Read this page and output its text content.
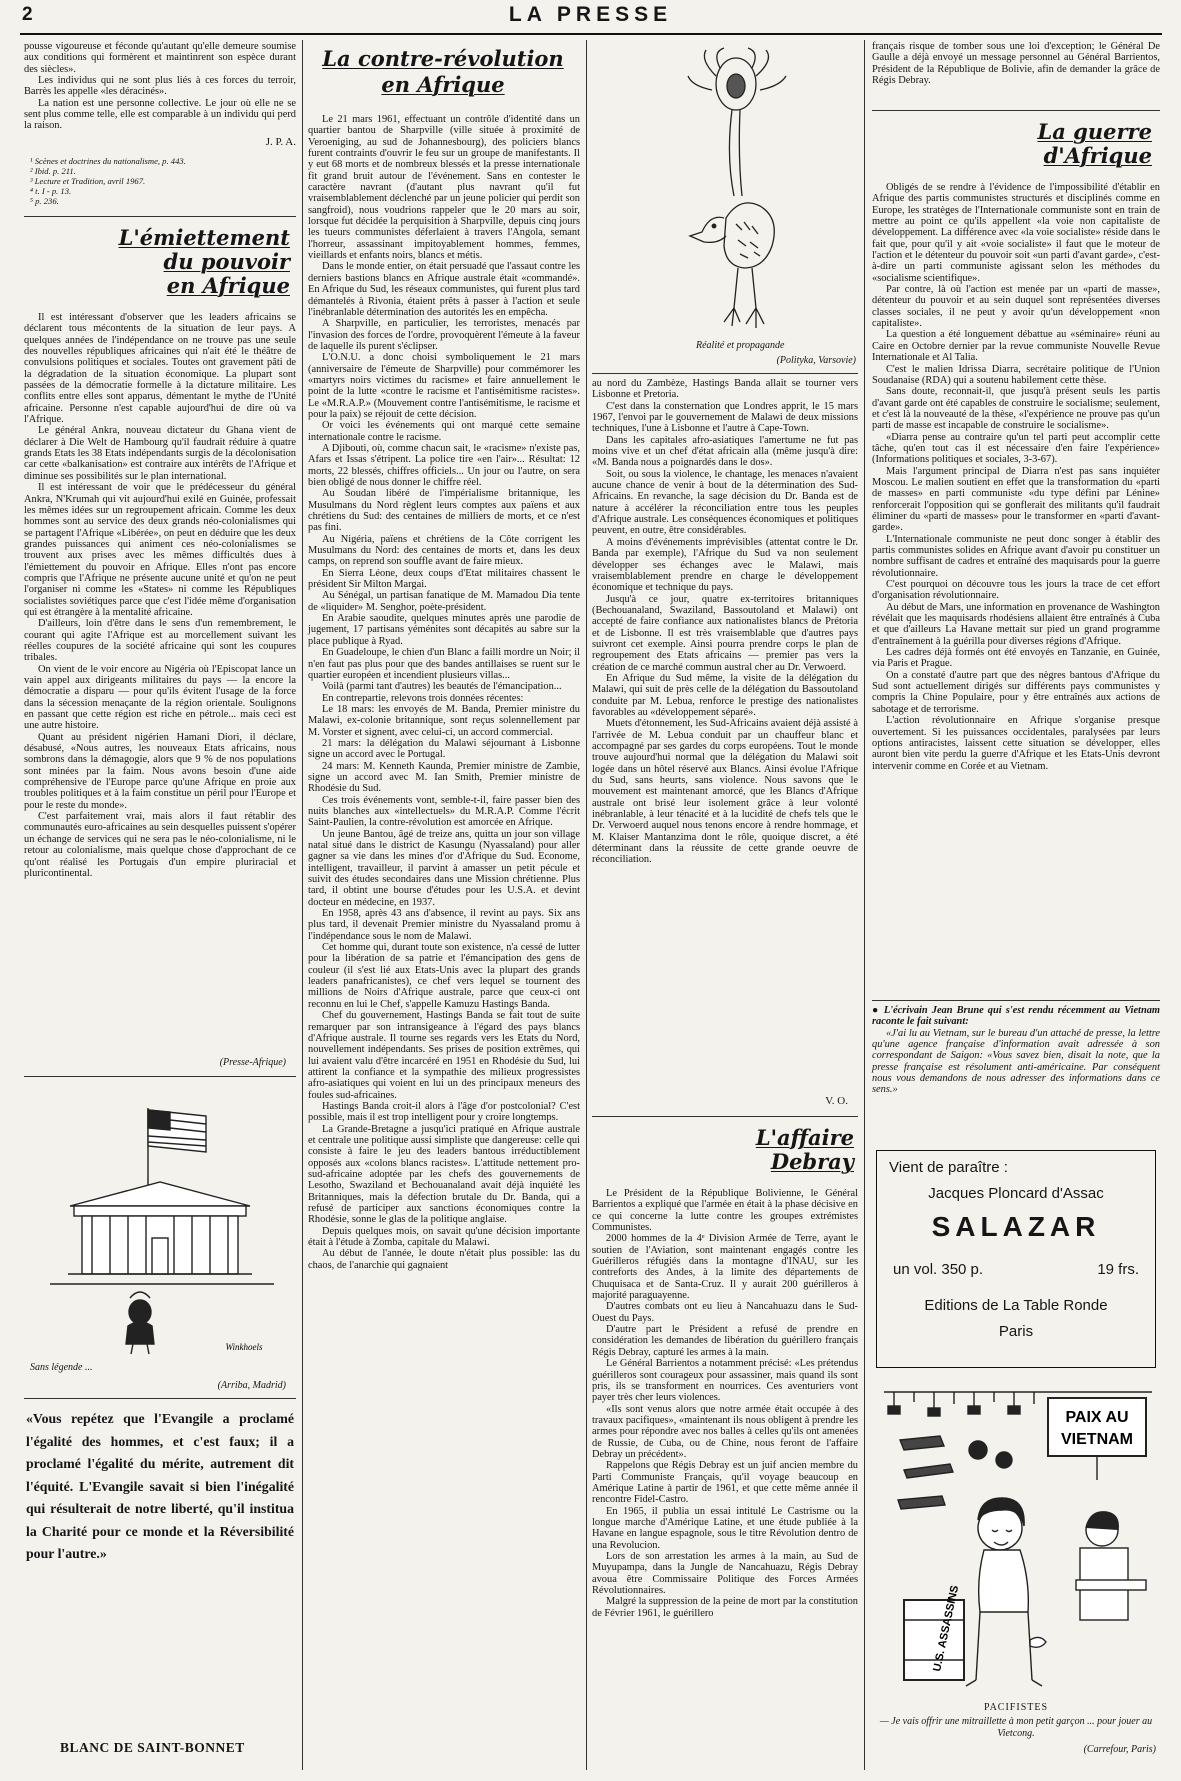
2	LA PRESSE

pousse vigoureuse et féconde qu'autant qu'elle demeure soumise aux conditions qui formèrent et maintinrent son espèce durant des siècles».

Les individus qui ne sont plus liés à ces forces du terroir, Barrès les appelle «les déracinés».

La nation est une personne collective. Le jour où elle ne se sent plus comme telle, elle est comparable à un individu qui perd la raison.

J. P. A.
¹ Scènes et doctrines du nationalisme, p. 443.
² Ibid. p. 211.
³ Lecture et Tradition, avril 1967.
⁴ t. I - p. 13.
⁵ p. 236.
L'émiettement
du pouvoir
en Afrique

Il est intéressant d'observer que les leaders africains se déclarent tous mécontents de la situation de leur pays. A quelques années de l'indépendance on ne trouve pas une seule des nouvelles républiques africaines qui n'ait été le théâtre de convulsions politiques et sociales. Toutes ont gravement pâti de la dégradation de la situation économique. La plupart sont passées de la démocratie formelle à la dictature militaire. Les conflits entre elles sont apparus, démentant le mythe de l'Unité africaine. Personne n'est capable aujourd'hui de dire où va l'Afrique.

Le général Ankra, nouveau dictateur du Ghana vient de déclarer à Die Welt de Hambourg qu'il faudrait réduire à quatre grands Etats les 38 Etats indépendants surgis de la décolonisation car cette «balkanisation» est contraire aux intérêts de l'Afrique et diminue ses possibilités sur le plan international.

Il est intéressant de voir que le prédécesseur du général Ankra, N'Krumah qui vit aujourd'hui exilé en Guinée, professait les mêmes idées sur un regroupement africain. Comme les deux hommes sont au service des deux grands néo-colonialismes qui se partagent l'Afrique «Libérée», on peut en déduire que les deux grandes puissances qui animent ces néo-colonialismes se trouvent aux prises avec les mêmes difficultés dues à l'émiettement du pouvoir en Afrique. Elles n'ont pas encore compris que l'Afrique ne présente aucune unité et qu'on ne peut l'organiser ni comme les «States» ni comme les Républiques socialistes soviétiques parce que c'est l'idée même d'organisation qui est étrangère à la mentalité africaine.

D'ailleurs, loin d'être dans le sens d'un remembrement, le courant qui agite l'Afrique est au morcellement suivant les réelles coupures de la société africaine qui sont les coupures tribales.

On vient de le voir encore au Nigéria où l'Episcopat lance un vain appel aux dirigeants militaires du pays — la encore la démocratie a disparu — pour qu'ils évitent l'usage de la force dans la sécession menaçante de la région orientale. Soulignons en passant que cette région est riche en pétrole... mais ceci est une autre histoire.

Quant au président nigérien Hamani Diori, il déclare, désabusé, «Nous autres, les nouveaux Etats africains, nous sombrons dans la démagogie, alors que 9 % de nos populations sont minées par la faim. Nous avons besoin d'une aide compréhensive de l'Europe parce qu'une Afrique en proie aux troubles politiques et à la faim constitue un péril pour l'Europe et pour le reste du monde».

C'est parfaitement vrai, mais alors il faut rétablir des communautés euro-africaines au sein desquelles puissent s'opérer un échange de services qui ne sera pas le néo-colonialisme, ni le retour au colonialisme, mais quelque chose d'approchant de ce qu'ont réalisé les Portugais d'un empire pluriracial et pluricontinental.

(Presse-Afrique)
Winkhoels
Sans légende ...
(Arriba, Madrid)
«Vous repétez que l'Evangile a proclamé l'égalité des hommes, et c'est faux; il a proclamé l'égalité du mérite, autrement dit l'équité. L'Evangile savait si bien l'inégalité qui résulterait de notre liberté, qu'il institua la Charité pour ce monde et la Réversibilité pour l'autre.»
BLANC DE SAINT-BONNET
La contre-révolution
en Afrique

Le 21 mars 1961, effectuant un contrôle d'identité dans un quartier bantou de Sharpville (ville située à proximité de Veroeniging, au sud de Johannesbourg), des policiers blancs furent contraints d'ouvrir le feu sur un groupe de manifestants. Il y eut 68 morts et de nombreux blessés et la presse internationale fit grand bruit autour de l'événement. Sans en contester le caractère navrant (d'autant plus navrant qu'il fut vraisemblablement déclenché par un jeune policier qui perdit son sangfroid), nous voudrions rappeler que le 20 mars au soir, lorsque fut décidée la perquisition à Sharpville, depuis cinq jours les tueurs communistes déferlaient à travers l'Angola, semant l'horreur, assassinant impitoyablement hommes, femmes, vieillards et enfants noirs, blancs et métis.

Dans le monde entier, on était persuadé que l'assaut contre les derniers bastions blancs en Afrique australe était «commandé». En Afrique du Sud, les réseaux communistes, qui furent plus tard démantelés à Rivonia, étaient prêts à passer à l'action et seule l'inébranlable détermination des autorités les en empêcha.

A Sharpville, en particulier, les terroristes, menacés par l'invasion des forces de l'ordre, provoquèrent l'émeute à la faveur de laquelle ils purent s'éclipser.

L'O.N.U. a donc choisi symboliquement le 21 mars (anniversaire de l'émeute de Sharpville) pour commémorer les «martyrs noirs victimes du racisme» et faire annuellement le point de la lutte «contre le racisme et l'antisémitisme racistes». Le «M.R.A.P.» (Mouvement contre l'antisémitisme, le racisme et pour la paix) se réjouit de cette décision.

Or voici les événements qui ont marqué cette semaine internationale contre le racisme.

A Djibouti, où, comme chacun sait, le «racisme» n'existe pas, Afars et Issas s'étripent. La police tire «en l'air»... Résultat: 12 morts, 22 blessés, chiffres officiels... Un jour ou l'autre, on sera bien obligé de nous donner le chiffre réel.

Au Soudan libéré de l'impérialisme britannique, les Musulmans du Nord règlent leurs comptes aux païens et aux chrétiens du Sud: des centaines de milliers de morts, et ce n'est pas fini.

Au Nigéria, païens et chrétiens de la Côte corrigent les Musulmans du Nord: des centaines de morts et, dans les deux camps, on reprend son souffle avant de faire mieux.

En Sierra Léone, deux coups d'Etat militaires chassent le président Sir Milton Margai.

Au Sénégal, un partisan fanatique de M. Mamadou Dia tente de «liquider» M. Senghor, poète-président.

En Arabie saoudite, quelques minutes après une parodie de jugement, 17 partisans yéménites sont décapités au sabre sur la place publique à Ryad.

En Guadeloupe, le chien d'un Blanc a failli mordre un Noir; il n'en faut pas plus pour que des bandes antillaises se ruent sur le quartier européen et incendient plusieurs villas...

Voilà (parmi tant d'autres) les beautés de l'émancipation...

En contrepartie, relevons trois données récentes:

Le 18 mars: les envoyés de M. Banda, Premier ministre du Malawi, ex-colonie britannique, sont reçus solennellement par M. Vorster et signent, avec celui-ci, un accord commercial.

21 mars: la délégation du Malawi séjournant à Lisbonne signe un accord avec le Portugal.

24 mars: M. Kenneth Kaunda, Premier ministre de Zambie, signe un accord avec M. Ian Smith, Premier ministre de Rhodésie du Sud.

Ces trois événements vont, semble-t-il, faire passer bien des nuits blanches aux «intellectuels» du M.R.A.P. Comme l'écrit Saint-Paulien, la contre-révolution est amorcée en Afrique.

Un jeune Bantou, âgé de treize ans, quitta un jour son village natal situé dans le district de Kasungu (Nyassaland) pour aller gagner sa vie dans les mines d'or d'Afrique du Sud. Econome, intelligent, travailleur, il parvint à amasser un petit pécule et suivit des études secondaires dans une Mission chrétienne. Plus tard, il obtint une bourse d'études pour les U.S.A. et devint docteur en médecine, en 1937.

En 1958, après 43 ans d'absence, il revint au pays. Six ans plus tard, il devenait Premier ministre du Nyassaland promu à l'indépendance sous le nom de Malawi.

Cet homme qui, durant toute son existence, n'a cessé de lutter pour la libération de sa patrie et l'émancipation des gens de couleur (il s'est lié aux Etats-Unis avec la plupart des grands leaders panafricanistes), ce chef vers lequel se tournent des millions de Noirs d'Afrique australe, parce que ceux-ci ont reconnu en lui le Chef, s'appelle Kamuzu Hastings Banda.

Chef du gouvernement, Hastings Banda se fait tout de suite remarquer par son intransigeance à l'égard des pays blancs d'Afrique australe. Il tourne ses regards vers les Etats du Nord, nouvellement indépendants. Ses prises de position extrêmes, qui lui avaient valu d'être incarcéré en 1951 en Rhodésie du Sud, lui attirent la confiance et la sympathie des milieux progressistes afro-asiatiques qui voient en lui un des principaux meneurs des foules sud-africaines.

Hastings Banda croit-il alors à l'âge d'or postcolonial? C'est possible, mais il est trop intelligent pour y croire longtemps.

La Grande-Bretagne a jusqu'ici pratiqué en Afrique australe et centrale une politique aussi simpliste que dangereuse: celle qui consiste à faire le jeu des leaders bantous irréductiblement opposés aux «colons blancs racistes». L'attitude nettement pro-sud-africaine adoptée par les chefs des gouvernements de Lesotho, Swaziland et Bechouanaland avait déjà inquiété les Britanniques, mais la défection brutale du Dr. Banda, qui a refusé de participer aux sanctions économiques contre la Rhodésie, sonne le glas de la politique anglaise.

Depuis quelques mois, on savait qu'une décision importante était à l'étude à Zomba, capitale du Malawi.

Au début de l'année, le doute n'était plus possible: las du chaos, de l'anarchie qui gagnaient

Réalité et propagande
(Polityka, Varsovie)

au nord du Zambèze, Hastings Banda allait se tourner vers Lisbonne et Pretoria.

C'est dans la consternation que Londres apprit, le 15 mars 1967, l'envoi par le gouvernement de Malawi de deux missions techniques, l'une à Lisbonne et l'autre à Cape-Town.

Dans les capitales afro-asiatiques l'amertume ne fut pas moins vive et un chef d'état africain alla (même jusqu'à dire: «M. Banda nous a poignardés dans le dos».

Soit, ou sous la violence, le chantage, les menaces n'avaient aucune chance de venir à bout de la détermination des Sud-Africains. En revanche, la sage décision du Dr. Banda est de nature à accélérer la réconciliation entre tous les peuples d'Afrique australe. Les conséquences économiques et politiques peuvent, en outre, être considérables.

A moins d'événements imprévisibles (attentat contre le Dr. Banda par exemple), l'Afrique du Sud va non seulement développer ses échanges avec le Malawi, mais vraisemblablement prendre en charge le développement économique et technique du pays.

Jusqu'à ce jour, quatre ex-territoires britanniques (Bechouanaland, Swaziland, Bassoutoland et Malawi) ont accepté de faire confiance aux nationalistes blancs de Prétoria et de Lisbonne. Il est très vraisemblable que d'autres pays suivront cet exemple. Ainsi pourra prendre corps le plan de regroupement des Etats africains — premier pas vers la création de ce marché commun austral cher au Dr. Verwoerd.

En Afrique du Sud même, la visite de la délégation du Malawi, qui suit de près celle de la délégation du Bassoutoland conduite par M. Lebua, renforce le prestige des nationalistes favorables au «développement séparé».

Muets d'étonnement, les Sud-Africains avaient déjà assisté à l'arrivée de M. Lebua conduit par un chauffeur blanc et accompagné par ses gardes du corps européens. Tout le monde trouve aujourd'hui normal que la délégation du Malawi soit logée dans un hôtel réservé aux Blancs. Ainsi évolue l'Afrique du Sud, sans heurts, sans violence. Nous savons que le mouvement est maintenant amorcé, que les Blancs d'Afrique australe ont brisé leur isolement grâce à leur volonté inébranlable, à leur ténacité et à la lucidité de chefs tels que le Dr. Verwoerd auquel nous tenons encore à rendre hommage, et M. Klaiser Mantanzima dont le rôle, quoique discret, a été déterminant dans la réussite de cette grande oeuvre de réconciliation.

V. O.
L'affaire
Debray

Le Président de la République Bolivienne, le Général Barrientos a expliqué que l'armée en était à la phase décisive en ce qui concerne la lutte contre les groupes extrémistes Communistes.

2000 hommes de la 4ᵉ Division Armée de Terre, ayant le soutien de l'Aviation, sont maintenant engagés contre les Guérilleros réfugiés dans la montagne d'INAU, sur les contreforts des Andes, à la limite des départements de Chuquisaca et de Santa-Cruz. Il y aurait 200 guérilleros à majorité paraguayenne.

D'autres combats ont eu lieu à Nancahuazu dans le Sud-Ouest du Pays.

D'autre part le Président a refusé de prendre en considération les demandes de libération du guérillero français Régis Debray, capturé les armes à la main.

Le Général Barrientos a notamment précisé: «Les prétendus guérilleros sont courageux pour assassiner, mais quand ils sont pris, ils se transforment en nourrices. Ces aventuriers vont payer très cher leurs violences.

«Ils sont venus alors que notre armée était occupée à des travaux pacifiques», «maintenant ils nous obligent à prendre les armes pour répondre avec nos balles à celles qu'ils ont amenées de Russie, de Cuba, ou de Chine, nous feront de l'affaire Debray un précédent».

Rappelons que Régis Debray est un juif ancien membre du Parti Communiste Français, qu'il voyage beaucoup en Amérique Latine à partir de 1961, et que cette même année il rencontre Fidel-Castro.

En 1965, il publia un essai intitulé Le Castrisme ou la longue marche d'Amérique Latine, et une étude publiée à la Havane en langue espagnole, sous le titre Révolution dentro de una Revolucion.

Lors de son arrestation les armes à la main, au Sud de Muyupampa, dans la Jungle de Nancahuazu, Régis Debray avoua être Commissaire Politique des Forces Armées Révolutionnaires.

Malgré la suppression de la peine de mort par la constitution de Février 1961, le guérillero

français risque de tomber sous une loi d'exception; le Général De Gaulle a déjà envoyé un message personnel au Général Barrientos, Président de la République de Bolivie, afin de demander la grâce de Régis Debray.

La guerre
d'Afrique

Obligés de se rendre à l'évidence de l'impossibilité d'établir en Afrique des partis communistes structurés et disciplinés comme en Europe, les stratèges de l'Internationale communiste sont en train de mettre au point ce qu'ils appellent «la voie non capitaliste de développement. La différence avec «la voie socialiste» réside dans le fait que, pour qu'il y ait «voie socialiste» il faut que le moteur de l'action et le détenteur du pouvoir soit «un parti d'avant garde», c'est-à-dire un parti communiste agissant selon les méthodes du «socialisme scientifique».

Par contre, là où l'action est menée par un «parti de masse», détenteur du pouvoir et au sein duquel sont représentées diverses classes sociales, il ne peut y avoir qu'un développement «non capitaliste».

La question a été longuement débattue au «séminaire» réuni au Caire en Octobre dernier par la revue communiste Nouvelle Revue Internationale et Al Talia.

C'est le malien Idrissa Diarra, secrétaire politique de l'Union Soudanaise (RDA) qui a soutenu habilement cette thèse.

Sans doute, reconnait-il, que jusqu'à présent seuls les partis d'avant garde ont été capables de construire le socialisme; seulement, et c'est là la nouveauté de la thèse, «l'expérience ne prouve pas qu'un parti de masse est incapable de construire le socialisme».

«Diarra pense au contraire qu'un tel parti peut accomplir cette tâche, qu'en tout cas il est nécessaire d'en faire l'expérience» (Informations politiques et sociales, 3-3-67).

Mais l'argument principal de Diarra n'est pas sans inquiéter Moscou. Le malien soutient en effet que la transformation du «parti de masses» en parti communiste «du type défini par Lénine» renforcerait l'opposition qui se gonflerait des militants qu'il faudrait éliminer du «parti de masses» pour le transformer en «parti d'avant-garde».

L'Internationale communiste ne peut donc songer à établir des partis communistes solides en Afrique avant d'avoir pu constituer un nombre suffisant de cadres et entraîné des maquisards pour la guerre révolutionnaire.

C'est pourquoi on découvre tous les jours la trace de cet effort d'organisation révolutionnaire.

Au début de Mars, une information en provenance de Washington révélait que les maquisards rhodésiens allaient être entraînés à Cuba et que d'ailleurs La Havane mettait sur pied un grand programme d'entraînement à la guérilla pour diverses régions d'Afrique.

Les cadres déjà formés ont été envoyés en Tanzanie, en Guinée, via Paris et Prague.

On a constaté d'autre part que des nègres bantous d'Afrique du Sud sont actuellement dirigés sur différents pays communistes y compris la Chine Populaire, pour y être entraînés aux actions de sabotage et de terrorisme.

L'action révolutionnaire en Afrique s'organise presque ouvertement. Si les puissances occidentales, paralysées par leurs options antiracistes, laissent cette situation se développer, elles auront bien vite perdu la guerre d'Afrique et les Etats-Unis devront intervenir comme en Corée et au Vietnam.

● L'écrivain Jean Brune qui s'est rendu récemment au Vietnam raconte le fait suivant:

«J'ai lu au Vietnam, sur le bureau d'un attaché de presse, la lettre qu'une agence française d'information avait adressée à son correspondant de Saigon: «Vous savez bien, disait la note, que la presse française est résolument anti-américaine. Par conséquent nous vous demandons de nous adresser des informations dans ce sens.»

Vient de paraître :
Jacques Ploncard d'Assac
SALAZAR
un vol. 350 p.	19 frs.
Editions de La Table Ronde
Paris
PAIX AU
VIETNAM
U.S. ASSASSINS
PACIFISTES
— Je vais offrir une mitraillette à mon petit garçon ... pour jouer au Vietcong.
(Carrefour, Paris)
